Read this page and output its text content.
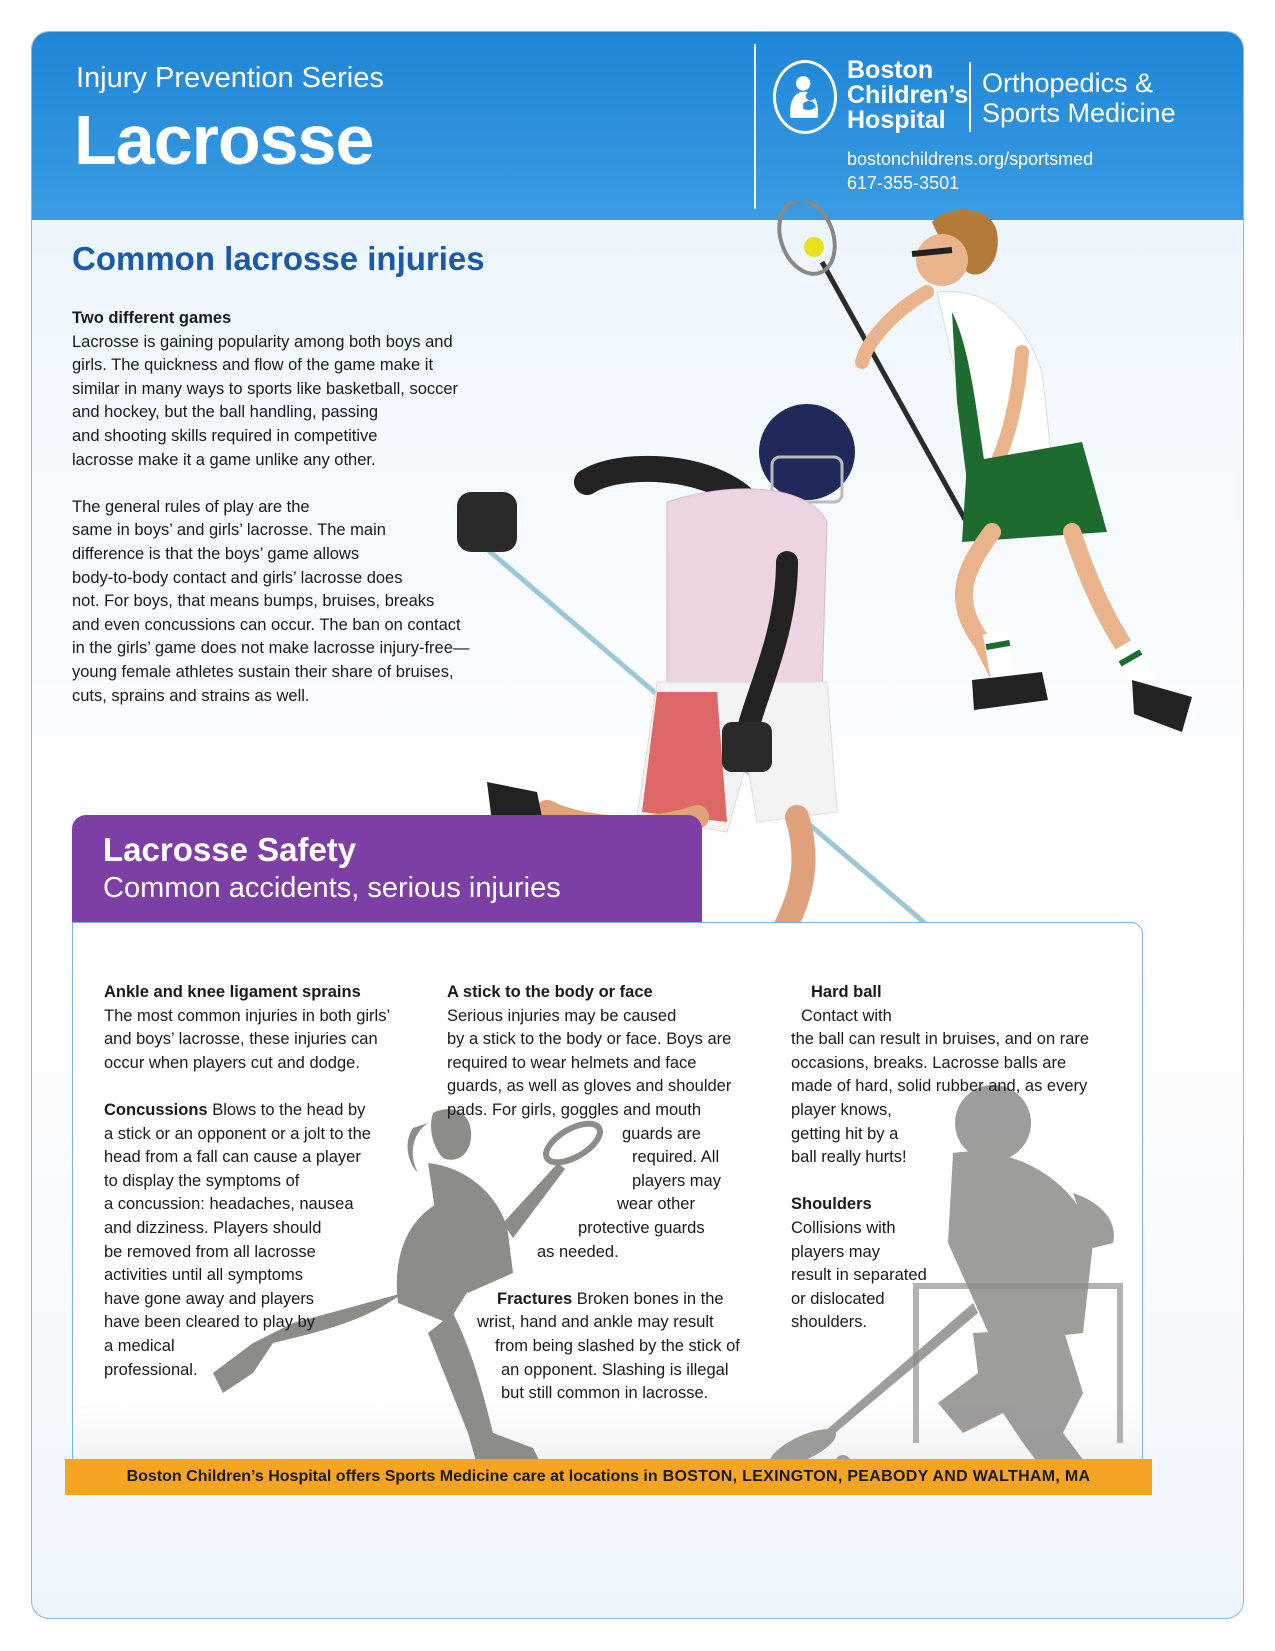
Injury Prevention Series
Lacrosse
Boston
Children’s
Hospital
Orthopedics &
Sports Medicine
bostonchildrens.org/sportsmed
617-355-3501
Common lacrosse injuries
Two different games
Lacrosse is gaining popularity among both boys and
girls. The quickness and flow of the game make it
similar in many ways to sports like basketball, soccer
and hockey, but the ball handling, passing
and shooting skills required in competitive
lacrosse make it a game unlike any other.
The general rules of play are the
same in boys’ and girls’ lacrosse. The main
difference is that the boys’ game allows
body-to-body contact and girls’ lacrosse does
not. For boys, that means bumps, bruises, breaks
and even concussions can occur. The ban on contact
in the girls’ game does not make lacrosse injury-free—
young female athletes sustain their share of bruises,
cuts, sprains and strains as well.
Lacrosse Safety
Common accidents, serious injuries
Ankle and knee ligament sprains
The most common injuries in both girls’
and boys’ lacrosse, these injuries can
occur when players cut and dodge.
Concussions Blows to the head by
a stick or an opponent or a jolt to the
head from a fall can cause a player
to display the symptoms of
a concussion: headaches, nausea
and dizziness. Players should
be removed from all lacrosse
activities until all symptoms
have gone away and players
have been cleared to play by
a medical
professional.
A stick to the body or face
Serious injuries may be caused
by a stick to the body or face. Boys are
required to wear helmets and face
guards, as well as gloves and shoulder
pads. For girls, goggles and mouth
guards are
required. All
players may
wear other
protective guards
as needed.
Fractures Broken bones in the
wrist, hand and ankle may result
from being slashed by the stick of
an opponent. Slashing is illegal
but still common in lacrosse.
Hard ball
Contact with
the ball can result in bruises, and on rare
occasions, breaks. Lacrosse balls are
made of hard, solid rubber and, as every
player knows,
getting hit by a
ball really hurts!
Shoulders
Collisions with
players may
result in separated
or dislocated
shoulders.
Boston Children’s Hospital offers Sports Medicine care at locations in BOSTON, LEXINGTON, PEABODY AND WALTHAM, MA
